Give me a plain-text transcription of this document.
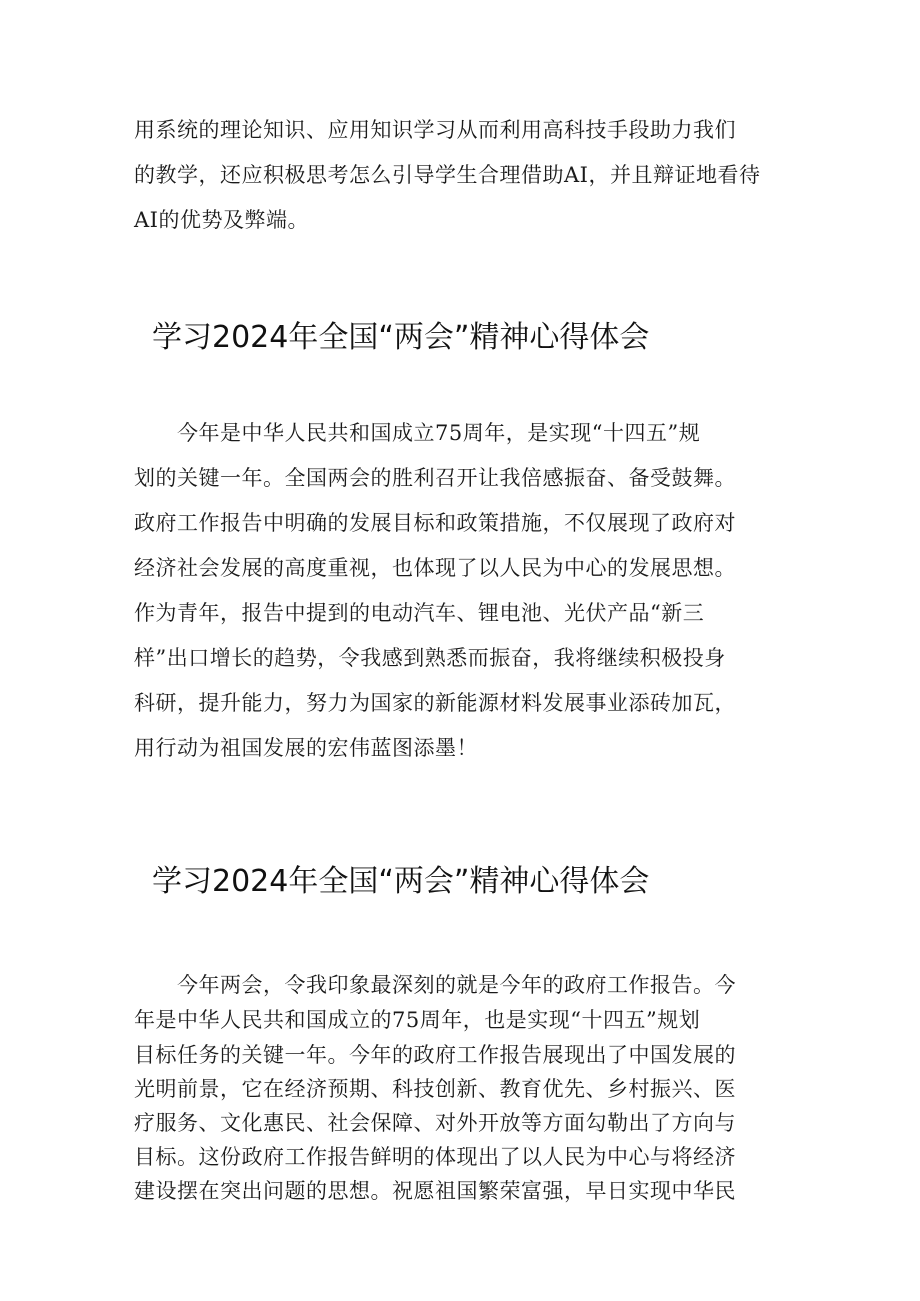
用系统的理论知识、应用知识学习从而利用高科技手段助力我们
的教学，还应积极思考怎么引导学生合理借助AI，并且辩证地看待
AI的优势及弊端。
学习2024年全国“两会”精神心得体会
　　今年是中华人民共和国成立75周年，是实现“十四五”规
划的关键一年。全国两会的胜利召开让我倍感振奋、备受鼓舞。
政府工作报告中明确的发展目标和政策措施，不仅展现了政府对
经济社会发展的高度重视，也体现了以人民为中心的发展思想。
作为青年，报告中提到的电动汽车、锂电池、光伏产品“新三
样”出口增长的趋势，令我感到熟悉而振奋，我将继续积极投身
科研，提升能力，努力为国家的新能源材料发展事业添砖加瓦，
用行动为祖国发展的宏伟蓝图添墨！
学习2024年全国“两会”精神心得体会
　　今年两会，令我印象最深刻的就是今年的政府工作报告。今
年是中华人民共和国成立的75周年，也是实现“十四五”规划
目标任务的关键一年。今年的政府工作报告展现出了中国发展的
光明前景，它在经济预期、科技创新、教育优先、乡村振兴、医
疗服务、文化惠民、社会保障、对外开放等方面勾勒出了方向与
目标。这份政府工作报告鲜明的体现出了以人民为中心与将经济
建设摆在突出问题的思想。祝愿祖国繁荣富强，早日实现中华民
